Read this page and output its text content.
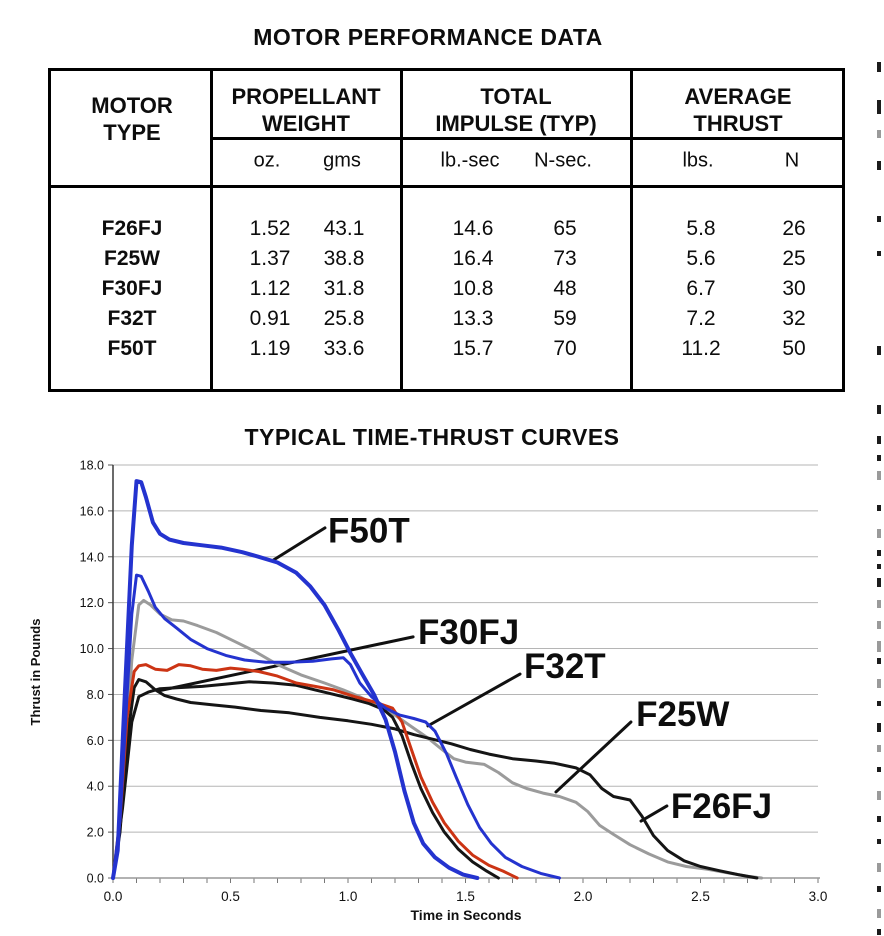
MOTOR PERFORMANCE DATA
MOTOR
TYPE
PROPELLANT
WEIGHT
TOTAL
IMPULSE (TYP)
AVERAGE
THRUST
oz. gms	lb.-sec N-sec.	lbs.	N
F26FJ	1.52 43.1	14.6	65	5.8	26
F25W	1.37 38.8	16.4	73	5.6	25
F30FJ	1.12 31.8	10.8	48	6.7	30
F32T	0.91 25.8	13.3	59	7.2	32
F50T	1.19 33.6	15.7	70	11.2	50
TYPICAL TIME-THRUST CURVES
18.0
16.0
14.0
12.0
10.0
8.0
6.0
4.0
2.0
0.0
0.0	0.5	1.0	1.5	2.0	2.5	3.0
Thrust in Pounds
Time in Seconds
F50T
F30FJ
F32T
F25W
F26FJ
